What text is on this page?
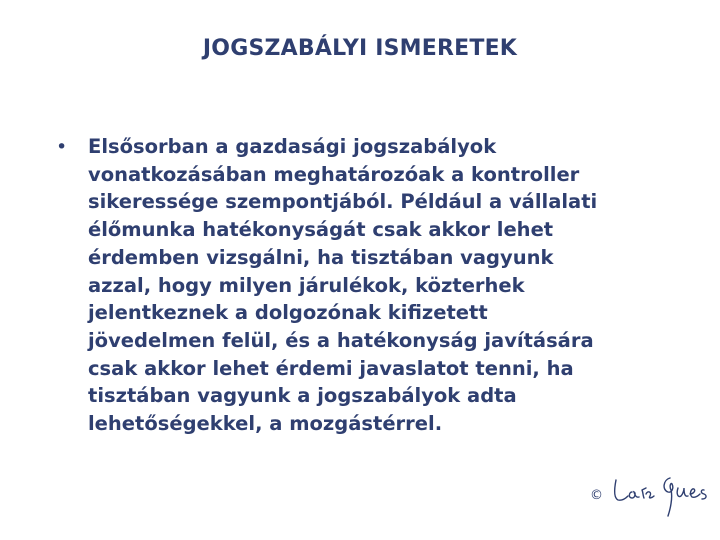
JOGSZABÁLYI ISMERETEK
• Elsősorban a gazdasági jogszabályok
vonatkozásában meghatározóak a kontroller
sikeressége szempontjából. Például a vállalati
élőmunka hatékonyságát csak akkor lehet
érdemben vizsgálni, ha tisztában vagyunk
azzal, hogy milyen járulékok, közterhek
jelentkeznek a dolgozónak kifizetett
jövedelmen felül, és a hatékonyság javítására
csak akkor lehet érdemi javaslatot tenni, ha
tisztában vagyunk a jogszabályok adta
lehetőségekkel, a mozgástérrel.
©
